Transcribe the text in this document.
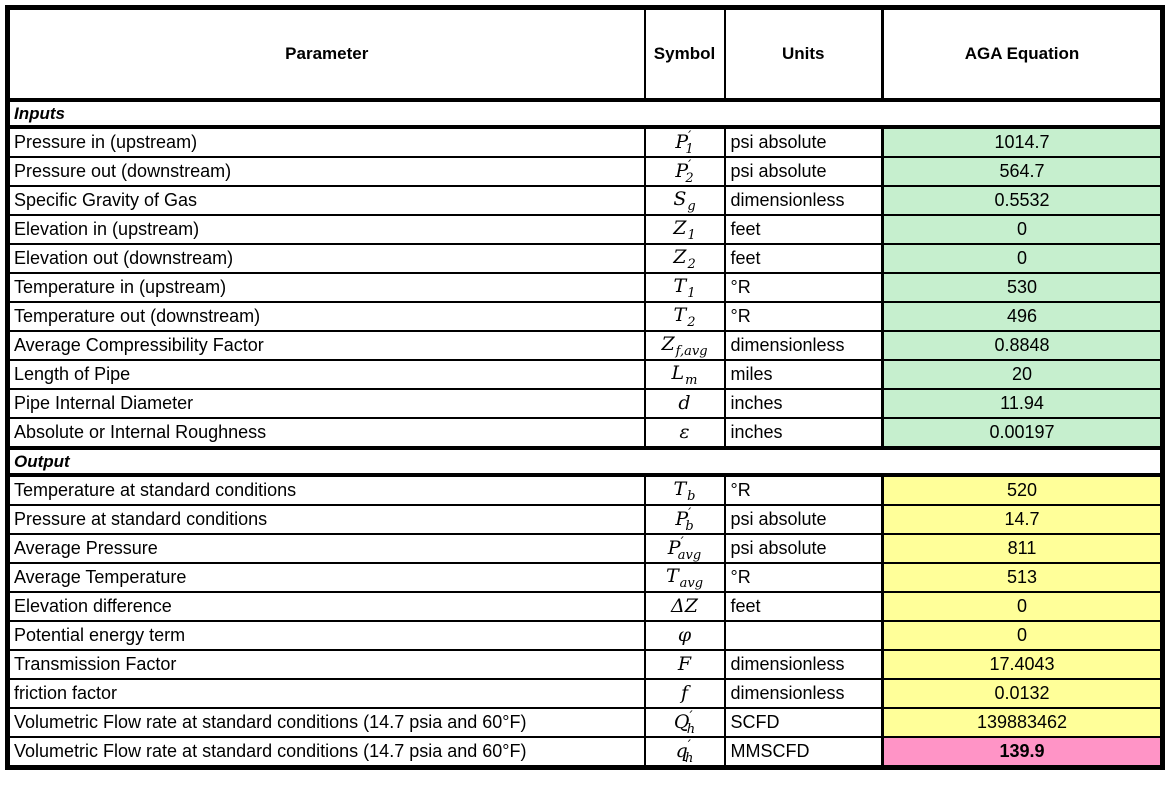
Parameter	Symbol	Units	AGA Equation
Inputs			
Pressure in (upstream)	$P'_1$	psi absolute	1014.7
Pressure out (downstream)	$P'_2$	psi absolute	564.7
Specific Gravity of Gas	$S_g$	dimensionless	0.5532
Elevation in (upstream)	$Z_1$	feet	0
Elevation out (downstream)	$Z_2$	feet	0
Temperature in (upstream)	$T_1$	°R	530
Temperature out (downstream)	$T_2$	°R	496
Average Compressibility Factor	$Z_{f,avg}$	dimensionless	0.8848
Length of Pipe	$L_m$	miles	20
Pipe Internal Diameter	d	inches	11.94
Absolute or Internal Roughness	ε	inches	0.00197
Output			
Temperature at standard conditions	$T_b$	°R	520
Pressure at standard conditions	$P'_b$	psi absolute	14.7
Average Pressure	$P'_{avg}$	psi absolute	811
Average Temperature	$T_{avg}$	°R	513
Elevation difference	ΔZ	feet	0
Potential energy term	φ		0
Transmission Factor	F	dimensionless	17.4043
friction factor	f	dimensionless	0.0132
Volumetric Flow rate at standard conditions (14.7 psia and 60°F)	$Q'_h$	SCFD	139883462
Volumetric Flow rate at standard conditions (14.7 psia and 60°F)	$q'_h$	MMSCFD	139.9
